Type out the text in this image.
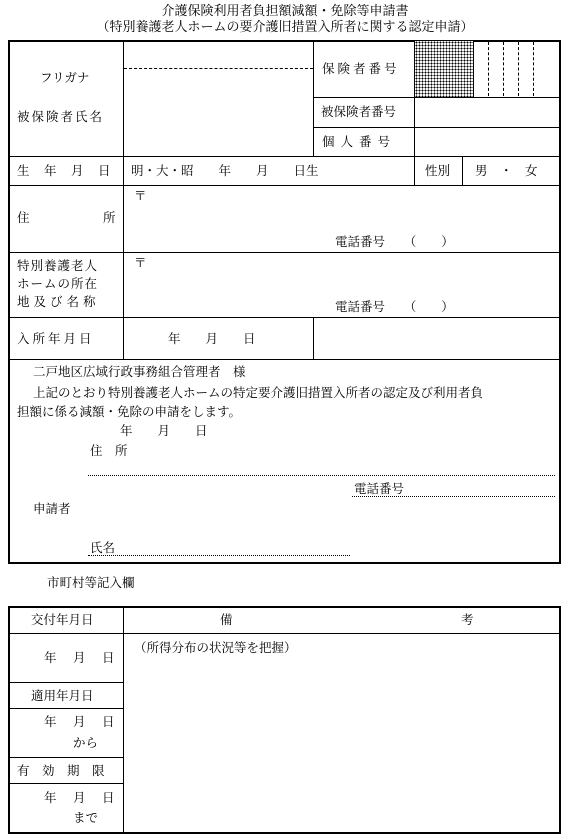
介護保険利用者負担額減額・免除等申請書
（特別養護老人ホームの要介護旧措置入所者に関する認定申請）
フリガナ
被保険者氏名
保険者番号
被保険者番号
個人番号
生　年　月　日 明・大・昭　　年　　月　　日生	性別 男　・　女
住	所
〒
電話番号　　（　　）
特別養護老人
ホームの所在
地及び名称
〒
電話番号　　（　　）
入所年月日	年　　月　　日
二戸地区広域行政事務組合管理者　様
上記のとおり特別養護老人ホームの特定要介護旧措置入所者の認定及び利用者負
担額に係る減額・免除の申請をします。
年　　月　　日
住　所
電話番号
申請者
氏名
市町村等記入欄
交付年月日	備	考
年　月　日
（所得分布の状況等を把握）
適用年月日
年　月　日
から
有　効　期　限
年　月　日
まで
